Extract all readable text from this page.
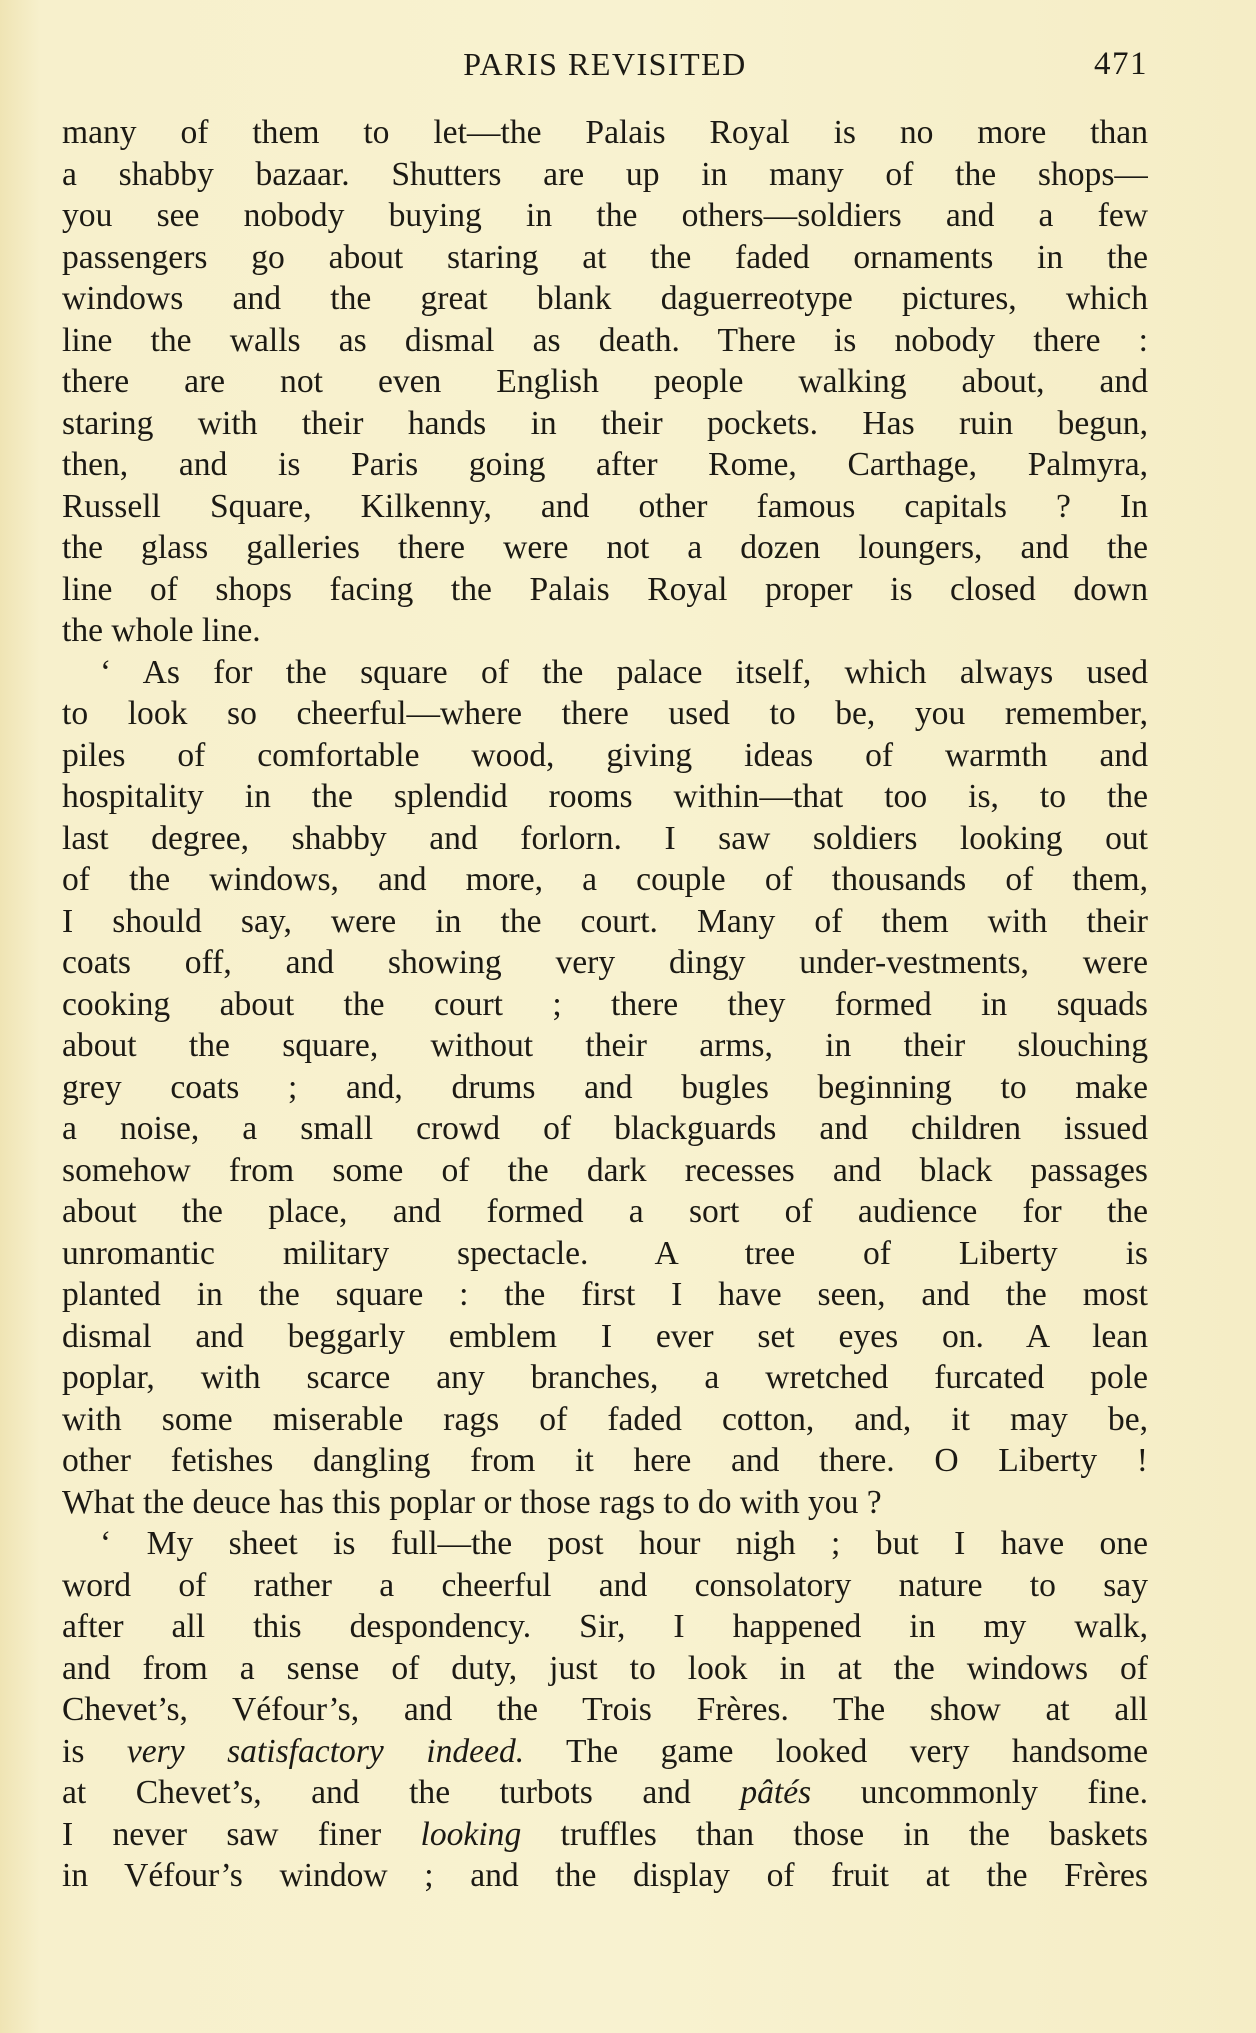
PARIS REVISITED	471
many of them to let—the Palais Royal is no more than
a shabby bazaar. Shutters are up in many of the shops—
you see nobody buying in the others—soldiers and a few
passengers go about staring at the faded ornaments in the
windows and the great blank daguerreotype pictures, which
line the walls as dismal as death. There is nobody there :
there are not even English people walking about, and
staring with their hands in their pockets. Has ruin begun,
then, and is Paris going after Rome, Carthage, Palmyra,
Russell Square, Kilkenny, and other famous capitals ? In
the glass galleries there were not a dozen loungers, and the
line of shops facing the Palais Royal proper is closed down
the whole line.
‘ As for the square of the palace itself, which always used
to look so cheerful—where there used to be, you remember,
piles of comfortable wood, giving ideas of warmth and
hospitality in the splendid rooms within—that too is, to the
last degree, shabby and forlorn. I saw soldiers looking out
of the windows, and more, a couple of thousands of them,
I should say, were in the court. Many of them with their
coats off, and showing very dingy under-vestments, were
cooking about the court ; there they formed in squads
about the square, without their arms, in their slouching
grey coats ; and, drums and bugles beginning to make
a noise, a small crowd of blackguards and children issued
somehow from some of the dark recesses and black passages
about the place, and formed a sort of audience for the
unromantic military spectacle. A tree of Liberty is
planted in the square : the first I have seen, and the most
dismal and beggarly emblem I ever set eyes on. A lean
poplar, with scarce any branches, a wretched furcated pole
with some miserable rags of faded cotton, and, it may be,
other fetishes dangling from it here and there. O Liberty !
What the deuce has this poplar or those rags to do with you ?
‘ My sheet is full—the post hour nigh ; but I have one
word of rather a cheerful and consolatory nature to say
after all this despondency. Sir, I happened in my walk,
and from a sense of duty, just to look in at the windows of
Chevet’s, Véfour’s, and the Trois Frères. The show at all
is very satisfactory indeed. The game looked very handsome
at Chevet’s, and the turbots and pâtés uncommonly fine.
I never saw finer looking truffles than those in the baskets
in Véfour’s window ; and the display of fruit at the Frères
